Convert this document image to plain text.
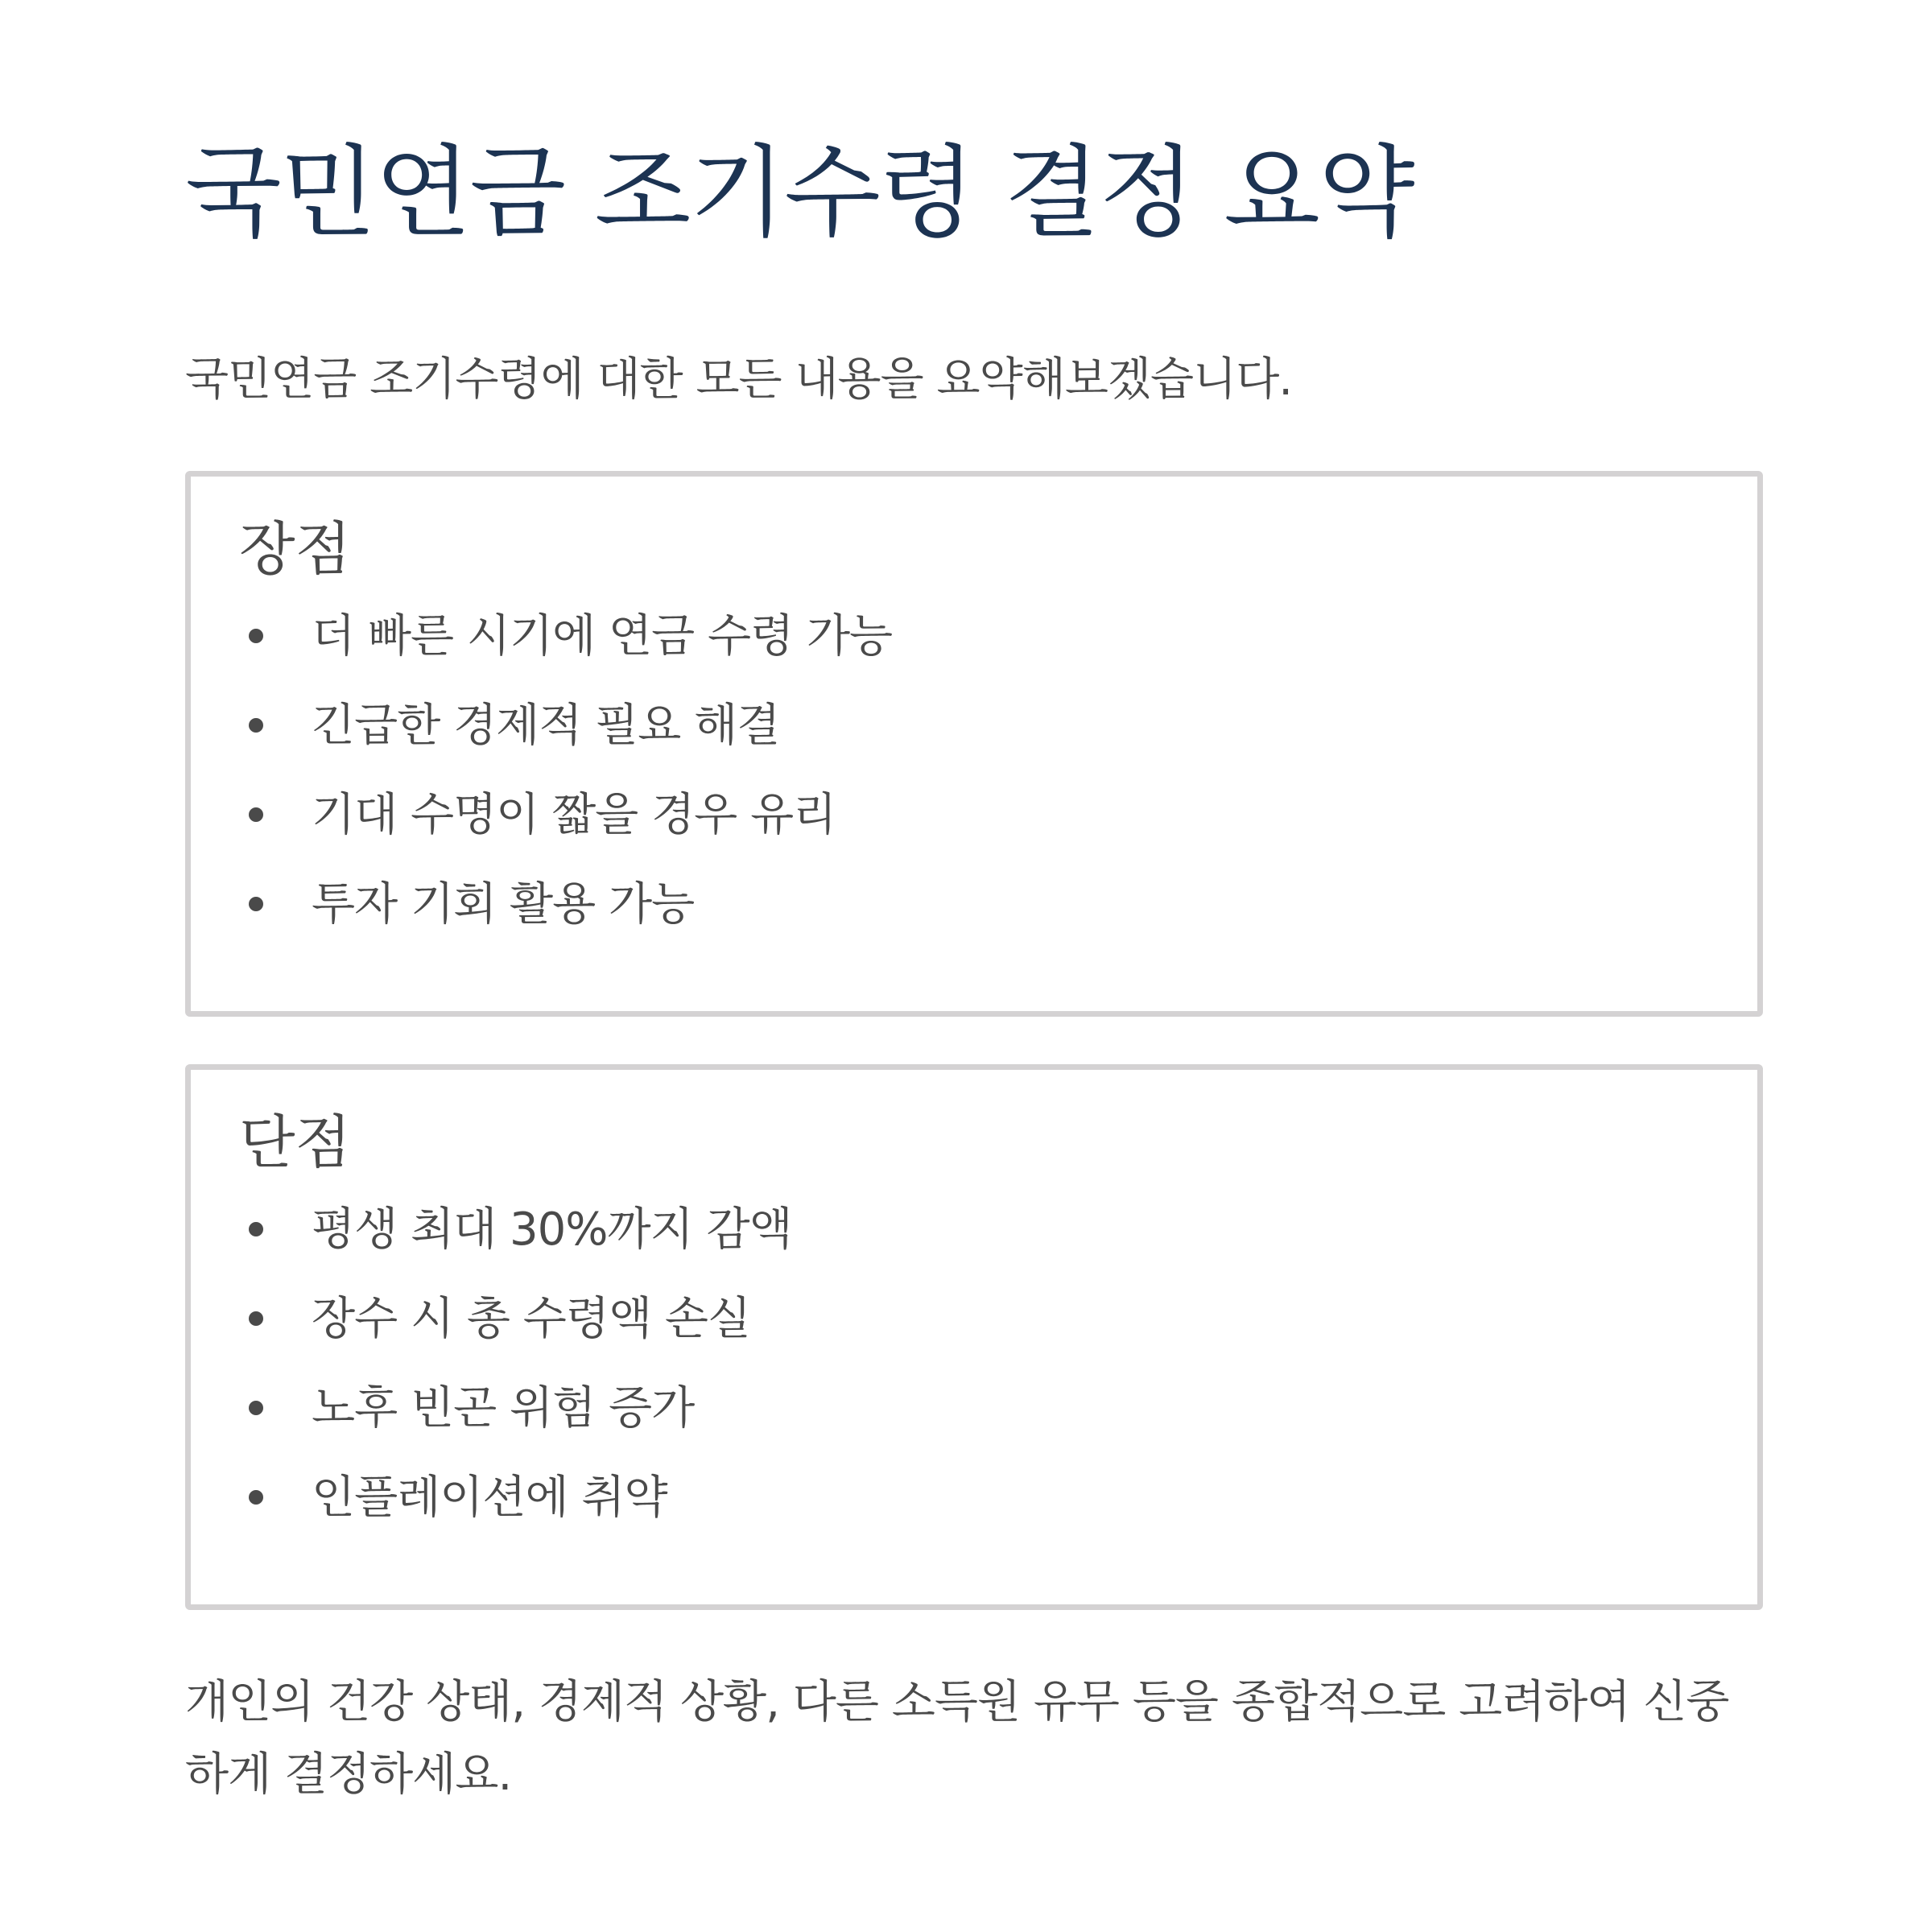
국민연금 조기수령 결정 요약

국민연금 조기수령에 대한 모든 내용을 요약해보겠습니다.

장점
더 빠른 시기에 연금 수령 가능
긴급한 경제적 필요 해결
기대 수명이 짧을 경우 유리
투자 기회 활용 가능
단점
평생 최대 30%까지 감액
장수 시 총 수령액 손실
노후 빈곤 위험 증가
인플레이션에 취약

개인의 건강 상태, 경제적 상황, 다른 소득원 유무 등을 종합적으로 고려하여 신중하게 결정하세요.
